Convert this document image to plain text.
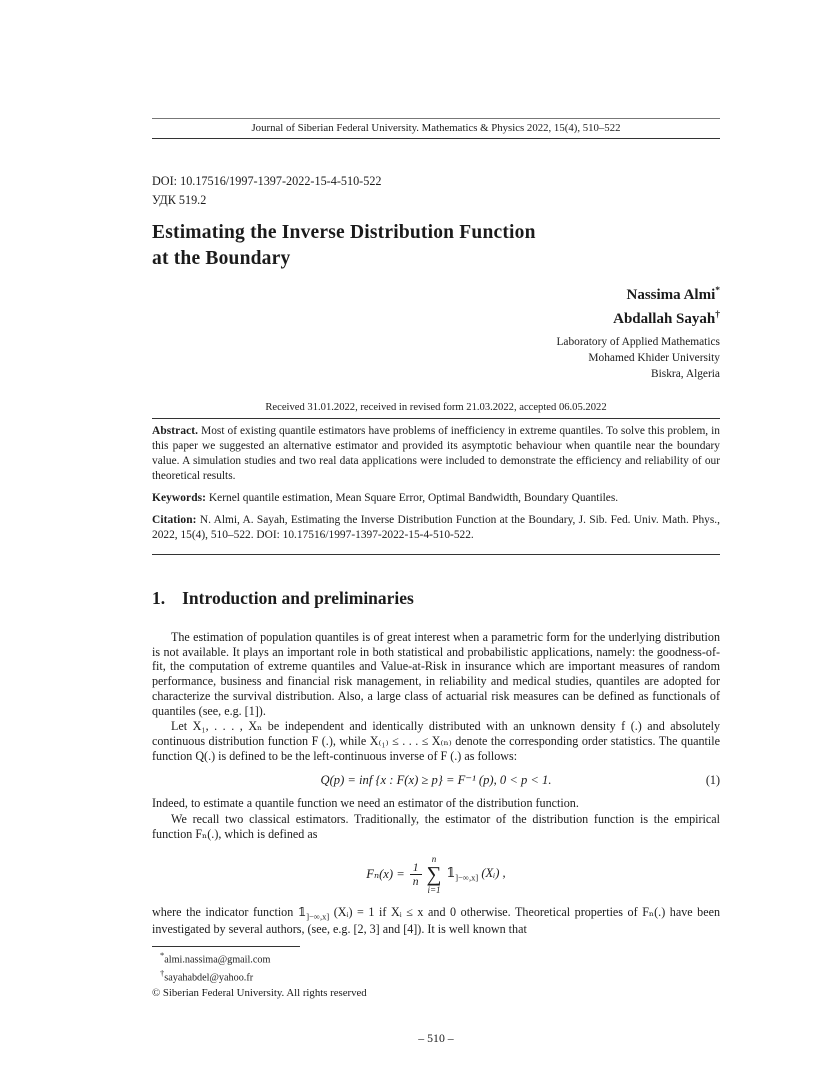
Journal of Siberian Federal University. Mathematics & Physics 2022, 15(4), 510–522
DOI: 10.17516/1997-1397-2022-15-4-510-522
УДК 519.2
Estimating the Inverse Distribution Function
at the Boundary
Nassima Almi*
Abdallah Sayah†
Laboratory of Applied Mathematics
Mohamed Khider University
Biskra, Algeria
Received 31.01.2022, received in revised form 21.03.2022, accepted 06.05.2022

Abstract. Most of existing quantile estimators have problems of inefficiency in extreme quantiles. To solve this problem, in this paper we suggested an alternative estimator and provided its asymptotic behaviour when quantile near the boundary value. A simulation studies and two real data applications were included to demonstrate the efficiency and reliability of our theoretical results.

Keywords: Kernel quantile estimation, Mean Square Error, Optimal Bandwidth, Boundary Quantiles.

Citation: N. Almi, A. Sayah, Estimating the Inverse Distribution Function at the Boundary, J. Sib. Fed. Univ. Math. Phys., 2022, 15(4), 510–522. DOI: 10.17516/1997-1397-2022-15-4-510-522.

1. Introduction and preliminaries

The estimation of population quantiles is of great interest when a parametric form for the underlying distribution is not available. It plays an important role in both statistical and probabilistic applications, namely: the goodness-of-fit, the computation of extreme quantiles and Value-at-Risk in insurance which are important measures of random performance, business and financial risk management, in reliability and medical studies, quantiles are adopted for characterize the survival distribution. Also, a large class of actuarial risk measures can be defined as functionals of quantiles (see, e.g. [1]).

Let X₁, . . . , Xₙ be independent and identically distributed with an unknown density f (.) and absolutely continuous distribution function F (.), while X₍₁₎ ≤ . . . ≤ X₍ₙ₎ denote the corresponding order statistics. The quantile function Q(.) is defined to be the left-continuous inverse of F (.) as follows:

Q(p) = inf {x : F(x) ≥ p} = F⁻¹ (p), 0 < p < 1.	(1)

Indeed, to estimate a quantile function we need an estimator of the distribution function.

We recall two classical estimators. Traditionally, the estimator of the distribution function is the empirical function Fₙ(.), which is defined as

$F_n(x) = \frac{1}{n}$
n
∑
i=1
$𝟙_{]-\infty,x]}$ (Xᵢ) ,

where the indicator function $𝟙_{]-\infty,x]}$ (Xᵢ) = 1 if Xᵢ ≤ x and 0 otherwise. Theoretical properties of Fₙ(.) have been investigated by several authors, (see, e.g. [2, 3] and [4]). It is well known that

*almi.nassima@gmail.com
†sayahabdel@yahoo.fr
© Siberian Federal University. All rights reserved
– 510 –
